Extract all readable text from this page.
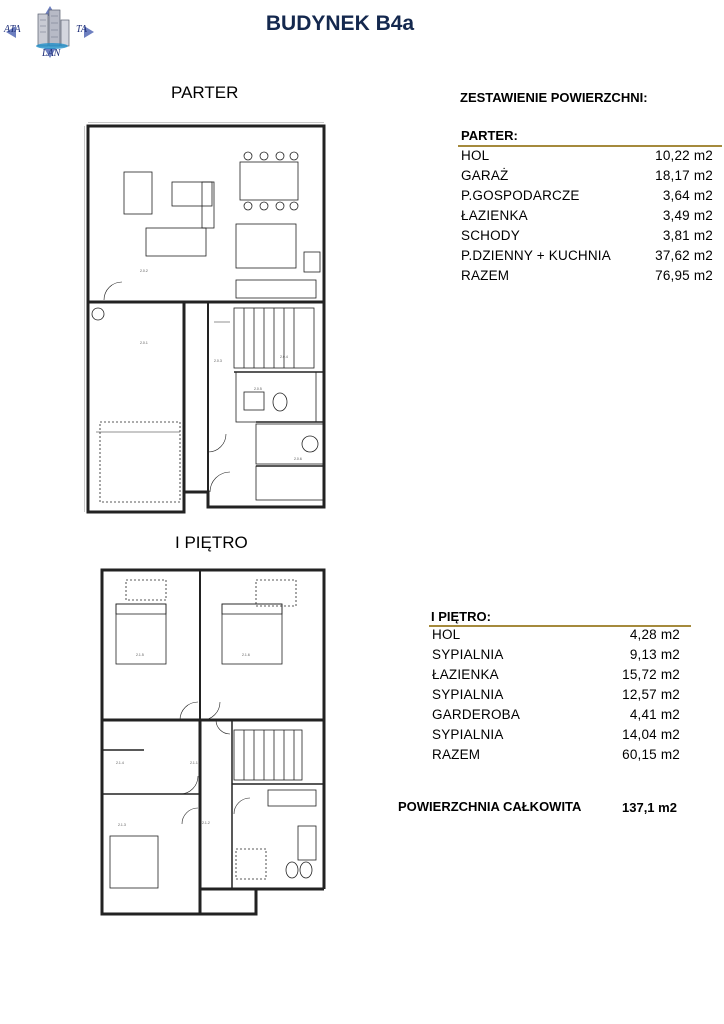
ATA	TA
LAN
BUDYNEK B4a
PARTER
2.0.2
2.0.1
2.0.3
2.0.4
2.0.5
2.0.6
I PIĘTRO
2.1.5	2.1.6
2.1.4	2.1.1
2.1.3	2.1.2
ZESTAWIENIE POWIERZCHNI:
PARTER:
HOL	10,22 m2
GARAŻ	18,17 m2
P.GOSPODARCZE	3,64 m2
ŁAZIENKA	3,49 m2
SCHODY	3,81 m2
P.DZIENNY + KUCHNIA	37,62 m2
RAZEM	76,95 m2
I PIĘTRO:
HOL	4,28 m2
SYPIALNIA	9,13 m2
ŁAZIENKA	15,72 m2
SYPIALNIA	12,57 m2
GARDEROBA	4,41 m2
SYPIALNIA	14,04 m2
RAZEM	60,15 m2
POWIERZCHNIA CAŁKOWITA	137,1 m2
